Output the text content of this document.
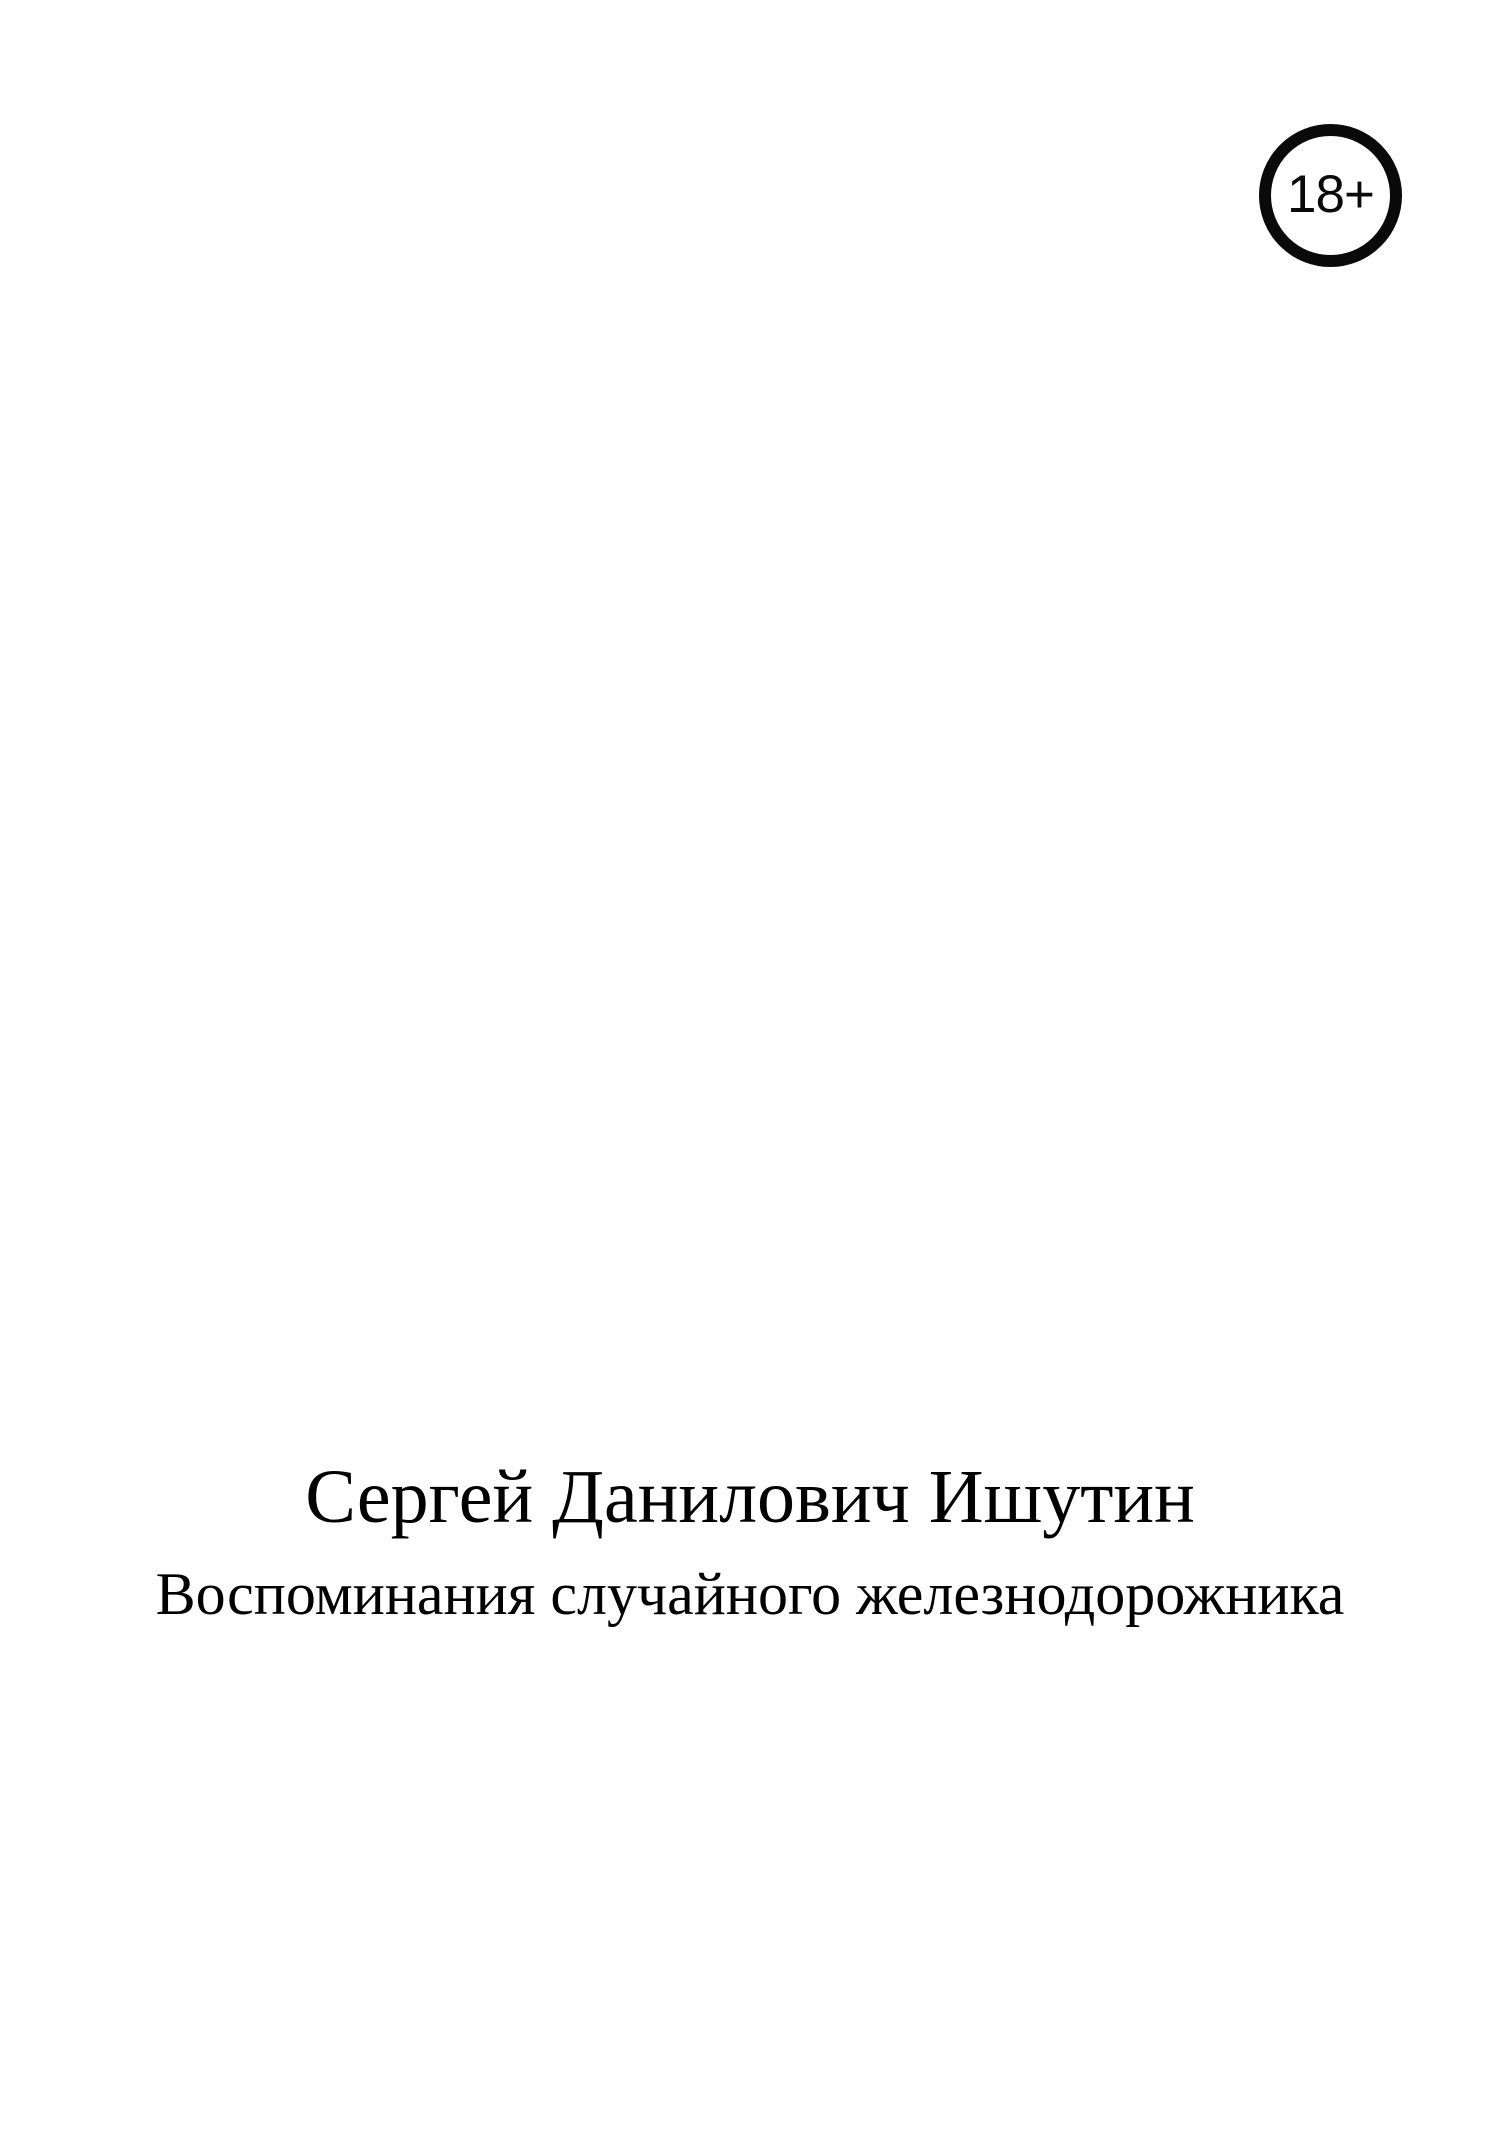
18+
Сергей Данилович Ишутин
Воспоминания случайного железнодорожника
